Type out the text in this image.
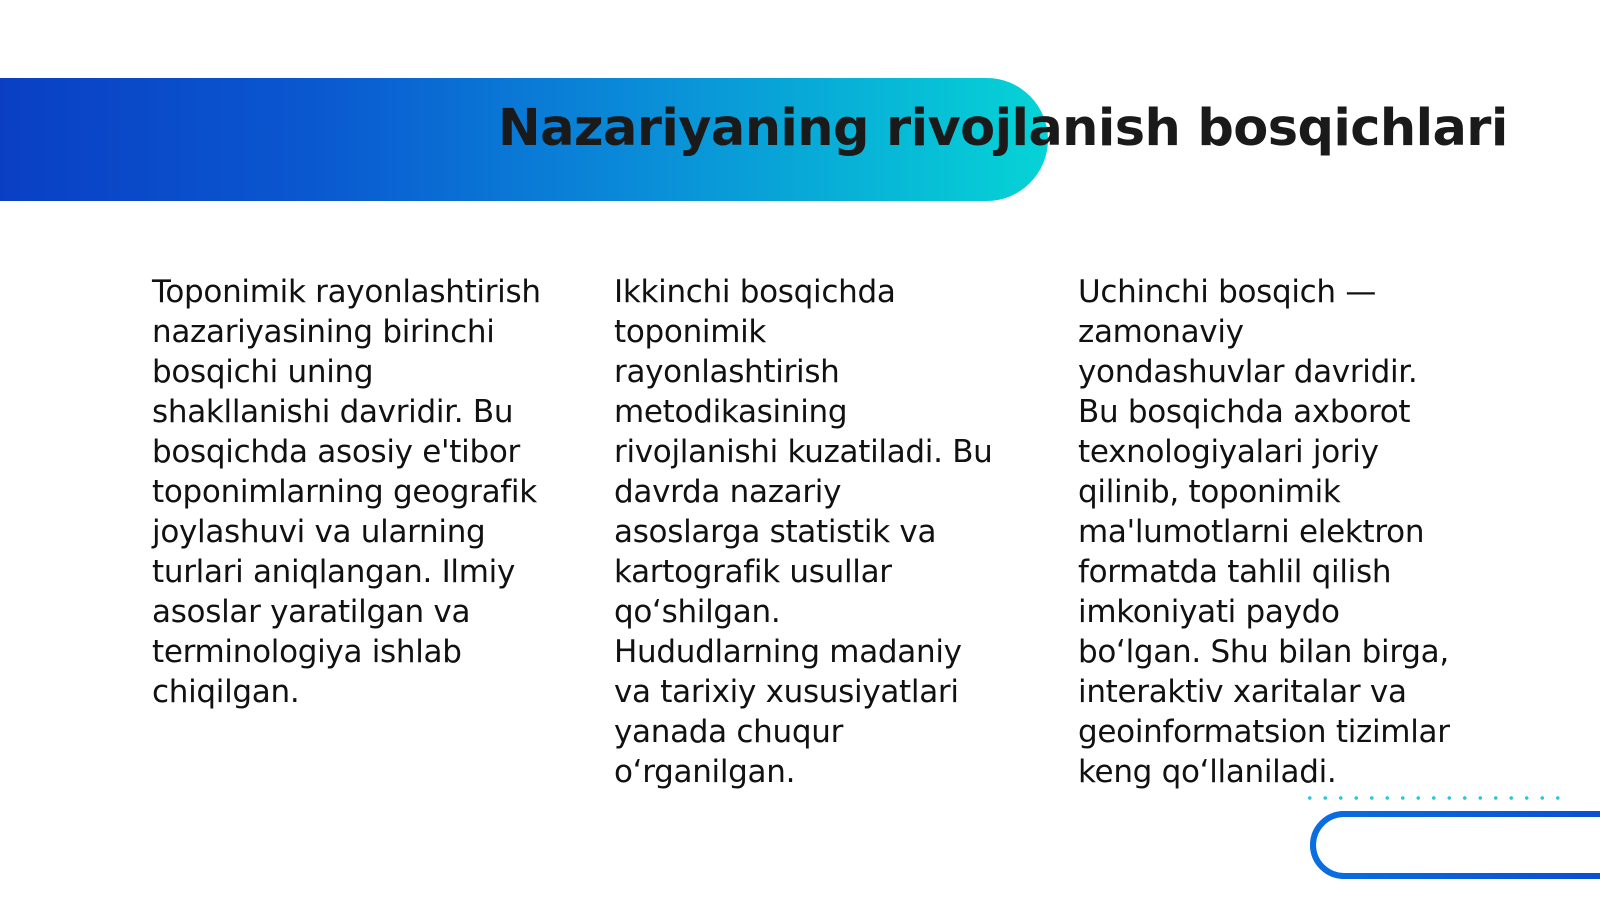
Nazariyaning rivojlanish bosqichlari

Toponimik rayonlashtirish nazariyasining birinchi bosqichi uning shakllanishi davridir. Bu bosqichda asosiy e'tibor toponimlarning geografik joylashuvi va ularning turlari aniqlangan. Ilmiy asoslar yaratilgan va terminologiya ishlab chiqilgan.

Ikkinchi bosqichda toponimik rayonlashtirish metodikasining rivojlanishi kuzatiladi. Bu davrda nazariy asoslarga statistik va kartografik usullar qo‘shilgan. Hududlarning madaniy va tarixiy xususiyatlari yanada chuqur o‘rganilgan.

Uchinchi bosqich — zamonaviy yondashuvlar davridir. Bu bosqichda axborot texnologiyalari joriy qilinib, toponimik ma'lumotlarni elektron formatda tahlil qilish imkoniyati paydo bo‘lgan. Shu bilan birga, interaktiv xaritalar va geoinformatsion tizimlar keng qo‘llaniladi.
